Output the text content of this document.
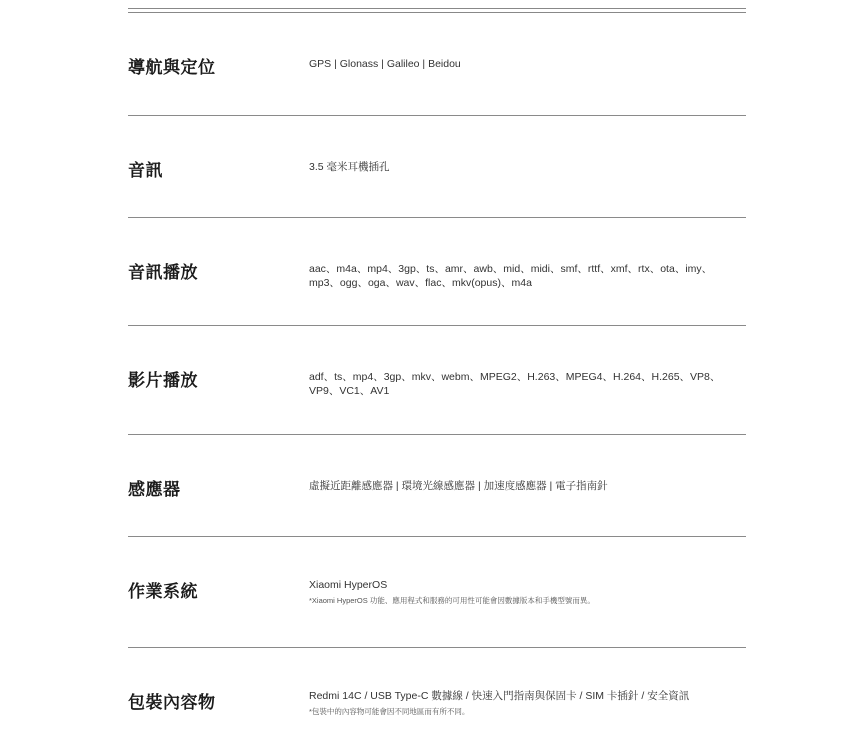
導航與定位	GPS | Glonass | Galileo | Beidou
音訊	3.5 毫米耳機插孔
音訊播放	aac、m4a、mp4、3gp、ts、amr、awb、mid、midi、smf、rttf、xmf、rtx、ota、imy、mp3、ogg、oga、wav、flac、mkv(opus)、m4a
影片播放	adf、ts、mp4、3gp、mkv、webm、MPEG2、H.263、MPEG4、H.264、H.265、VP8、VP9、VC1、AV1
感應器	虛擬近距離感應器 | 環境光線感應器 | 加速度感應器 | 電子指南針
作業系統	Xiaomi HyperOS
*Xiaomi HyperOS 功能、應用程式和服務的可用性可能會因數據版本和手機型號而異。
包裝內容物	Redmi 14C / USB Type-C 數據線 / 快速入門指南與保固卡 / SIM 卡插針 / 安全資訊
*包裝中的內容物可能會因不同地區而有所不同。
